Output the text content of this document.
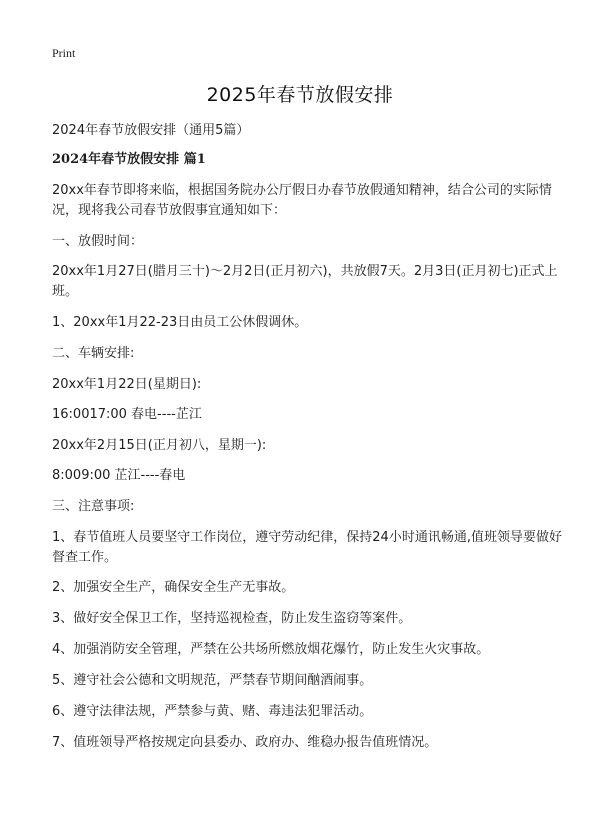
Print
2025年春节放假安排
2024年春节放假安排（通用5篇）
2024年春节放假安排 篇1
20xx年春节即将来临，根据国务院办公厅假日办春节放假通知精神，结合公司的实际情况，现将我公司春节放假事宜通知如下：
一、放假时间：
20xx年1月27日(腊月三十)～2月2日(正月初六)，共放假7天。2月3日(正月初七)正式上班。
1、20xx年1月22-23日由员工公休假调休。
二、车辆安排:
20xx年1月22日(星期日):
16:0017:00 春电----芷江
20xx年2月15日(正月初八，星期一):
8:009:00 芷江----春电
三、注意事项:
1、春节值班人员要坚守工作岗位，遵守劳动纪律，保持24小时通讯畅通,值班领导要做好督查工作。
2、加强安全生产，确保安全生产无事故。
3、做好安全保卫工作，坚持巡视检查，防止发生盗窃等案件。
4、加强消防安全管理，严禁在公共场所燃放烟花爆竹，防止发生火灾事故。
5、遵守社会公德和文明规范，严禁春节期间酗酒闹事。
6、遵守法律法规，严禁参与黄、赌、毒违法犯罪活动。
7、值班领导严格按规定向县委办、政府办、维稳办报告值班情况。
